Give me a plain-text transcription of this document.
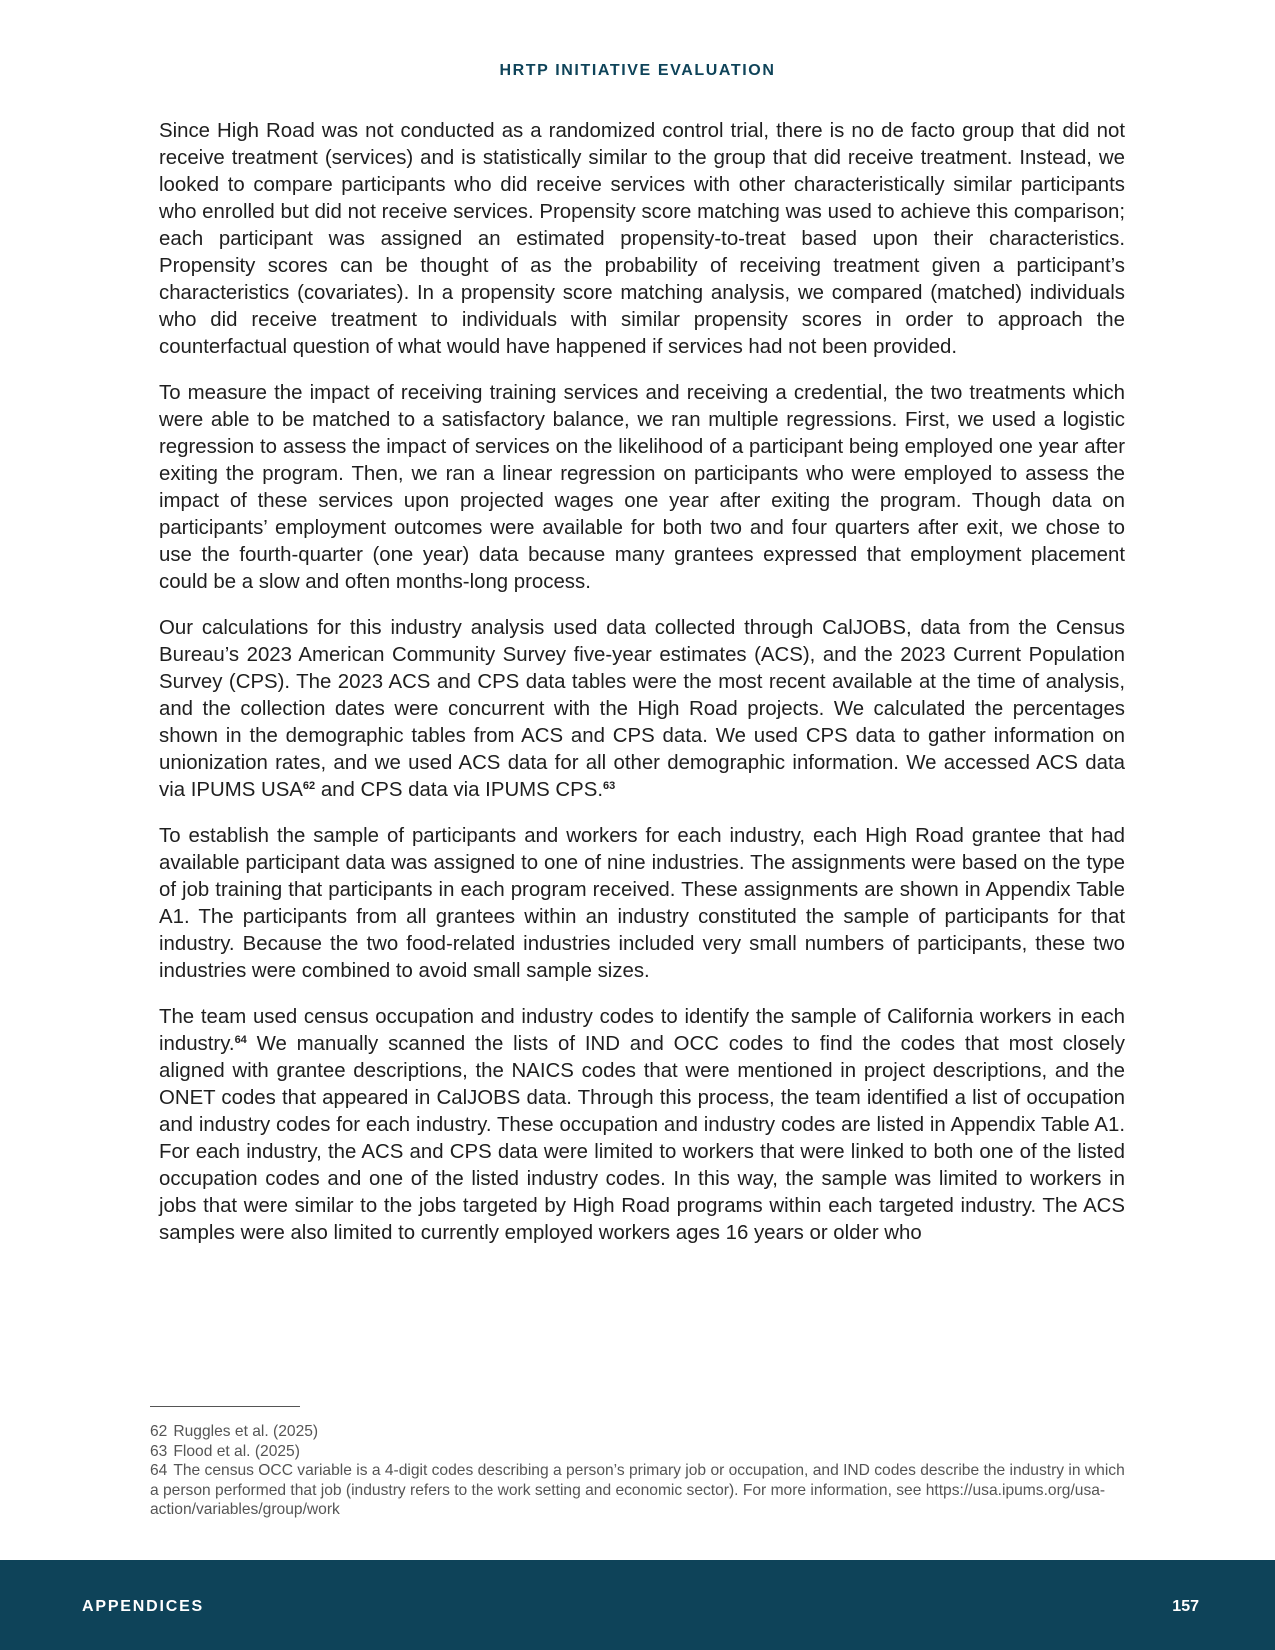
HRTP INITIATIVE EVALUATION

Since High Road was not conducted as a randomized control trial, there is no de facto group that did not receive treatment (services) and is statistically similar to the group that did receive treatment. Instead, we looked to compare participants who did receive services with other characteristically similar participants who enrolled but did not receive services. Propensity score matching was used to achieve this comparison; each participant was assigned an estimated propensity-to-treat based upon their characteristics. Propensity scores can be thought of as the probability of receiving treatment given a participant’s characteristics (covariates). In a propensity score matching analysis, we compared (matched) individuals who did receive treatment to individuals with similar propensity scores in order to approach the counterfactual question of what would have happened if services had not been provided.

To measure the impact of receiving training services and receiving a credential, the two treatments which were able to be matched to a satisfactory balance, we ran multiple regressions. First, we used a logistic regression to assess the impact of services on the likelihood of a participant being employed one year after exiting the program. Then, we ran a linear regression on participants who were employed to assess the impact of these services upon projected wages one year after exiting the program. Though data on participants’ employment outcomes were available for both two and four quarters after exit, we chose to use the fourth-quarter (one year) data because many grantees expressed that employment placement could be a slow and often months-long process.

Our calculations for this industry analysis used data collected through CalJOBS, data from the Census Bureau’s 2023 American Community Survey five-year estimates (ACS), and the 2023 Current Population Survey (CPS). The 2023 ACS and CPS data tables were the most recent available at the time of analysis, and the collection dates were concurrent with the High Road projects. We calculated the percentages shown in the demographic tables from ACS and CPS data. We used CPS data to gather information on unionization rates, and we used ACS data for all other demographic information. We accessed ACS data via IPUMS USA$^{62}$ and CPS data via IPUMS CPS.$^{63}$

To establish the sample of participants and workers for each industry, each High Road grantee that had available participant data was assigned to one of nine industries. The assignments were based on the type of job training that participants in each program received. These assignments are shown in Appendix Table A1. The participants from all grantees within an industry constituted the sample of participants for that industry. Because the two food-related industries included very small numbers of participants, these two industries were combined to avoid small sample sizes.

The team used census occupation and industry codes to identify the sample of California workers in each industry.$^{64}$ We manually scanned the lists of IND and OCC codes to find the codes that most closely aligned with grantee descriptions, the NAICS codes that were mentioned in project descriptions, and the ONET codes that appeared in CalJOBS data. Through this process, the team identified a list of occupation and industry codes for each industry. These occupation and industry codes are listed in Appendix Table A1. For each industry, the ACS and CPS data were limited to workers that were linked to both one of the listed occupation codes and one of the listed industry codes. In this way, the sample was limited to workers in jobs that were similar to the jobs targeted by High Road programs within each targeted industry. The ACS samples were also limited to currently employed workers ages 16 years or older who

62 Ruggles et al. (2025)

63 Flood et al. (2025)

64 The census OCC variable is a 4-digit codes describing a person’s primary job or occupation, and IND codes describe the industry in which a person performed that job (industry refers to the work setting and economic sector). For more information, see https://usa.ipums.org/usa-action/variables/group/work

APPENDICES	157
